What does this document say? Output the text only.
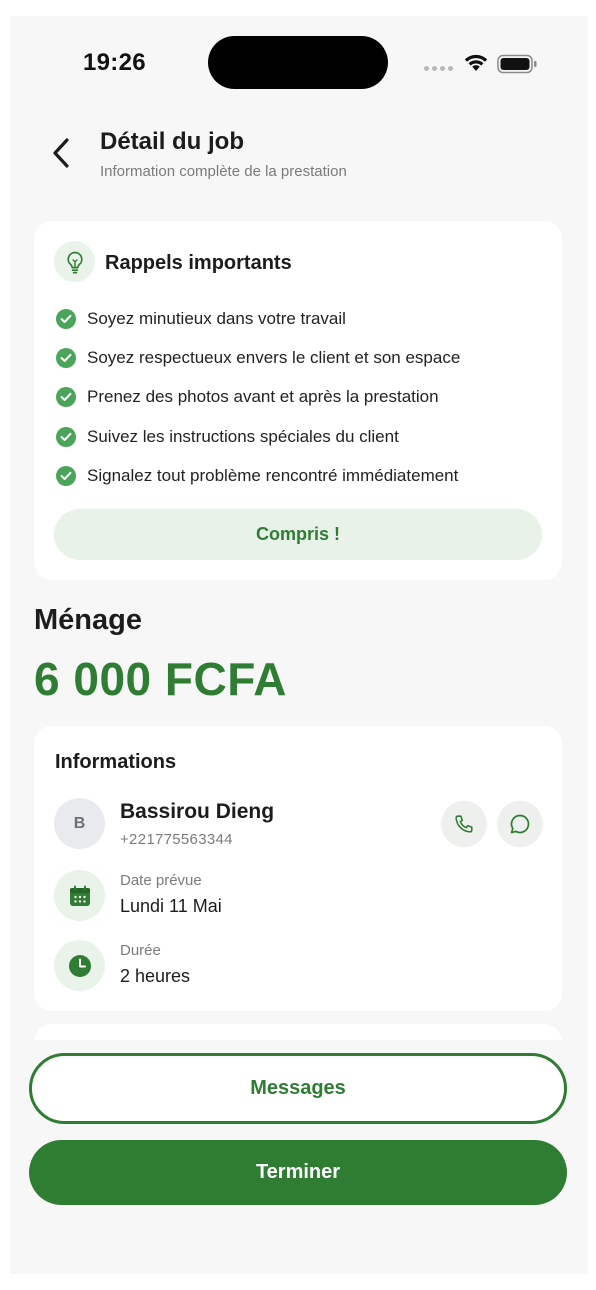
19:26
Détail du job
Information complète de la prestation
Rappels importants
Soyez minutieux dans votre travail
Soyez respectueux envers le client et son espace
Prenez des photos avant et après la prestation
Suivez les instructions spéciales du client
Signalez tout problème rencontré immédiatement
Compris !
Ménage
6 000 FCFA
Informations
B	Bassirou Dieng
+221775563344
Date prévue
Lundi 11 Mai
Durée
2 heures
Messages
Terminer
